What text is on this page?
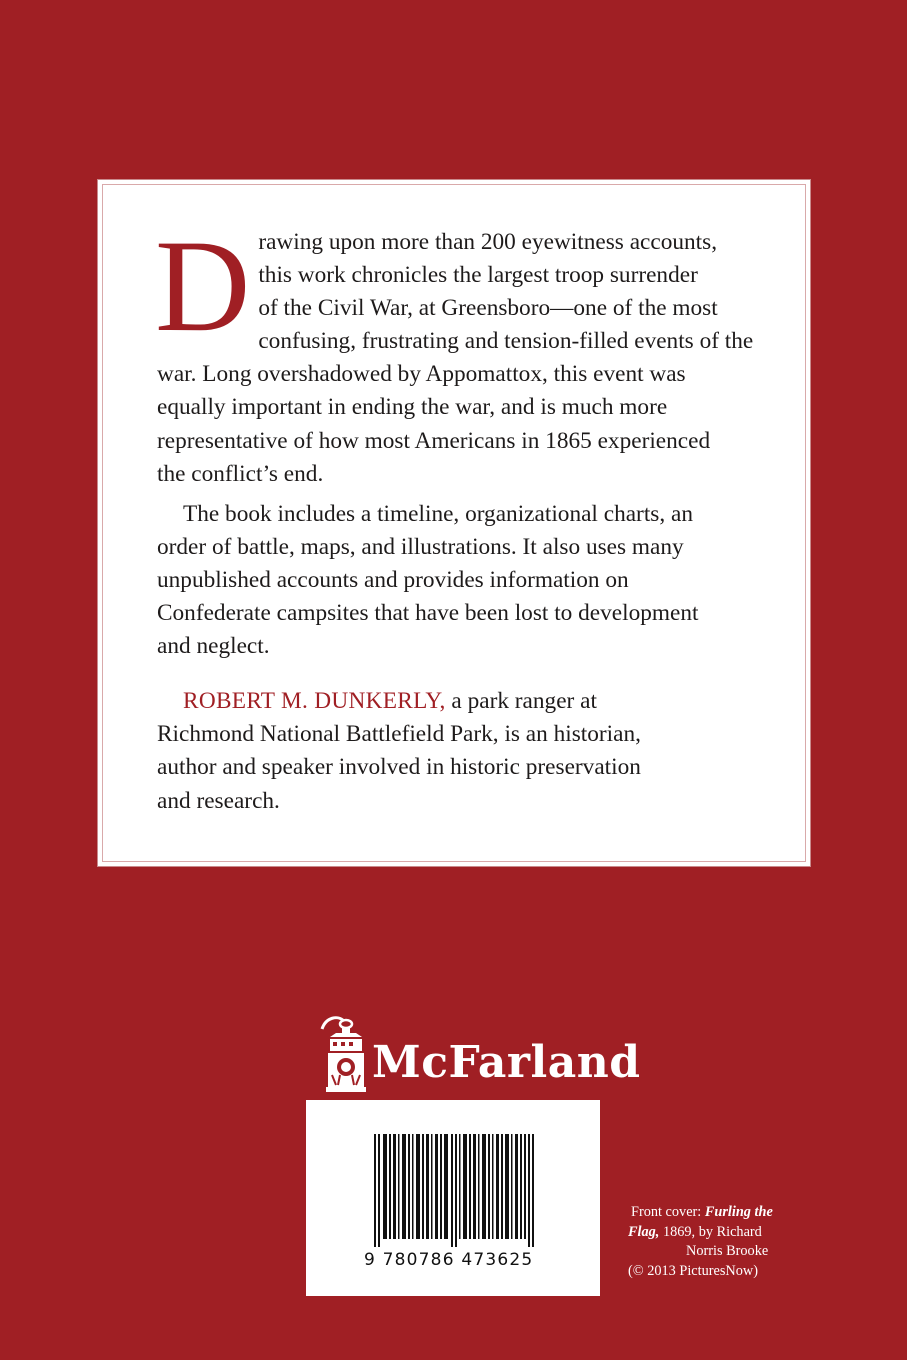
D rawing upon more than 200 eyewitness accounts,
this work chronicles the largest troop surrender
of the Civil War, at Greensboro—one of the most
confusing, frustrating and tension-filled events of the
war. Long overshadowed by Appomattox, this event was
equally important in ending the war, and is much more
representative of how most Americans in 1865 experienced
the conflict’s end.

The book includes a timeline, organizational charts, an
order of battle, maps, and illustrations. It also uses many
unpublished accounts and provides information on
Confederate campsites that have been lost to development
and neglect.

ROBERT M. DUNKERLY, a park ranger at
Richmond National Battlefield Park, is an historian,
author and speaker involved in historic preservation
and research.

McFarland
9 780786 473625
Front cover: Furling the
Flag, 1869, by Richard
Norris Brooke
(© 2013 PicturesNow)
